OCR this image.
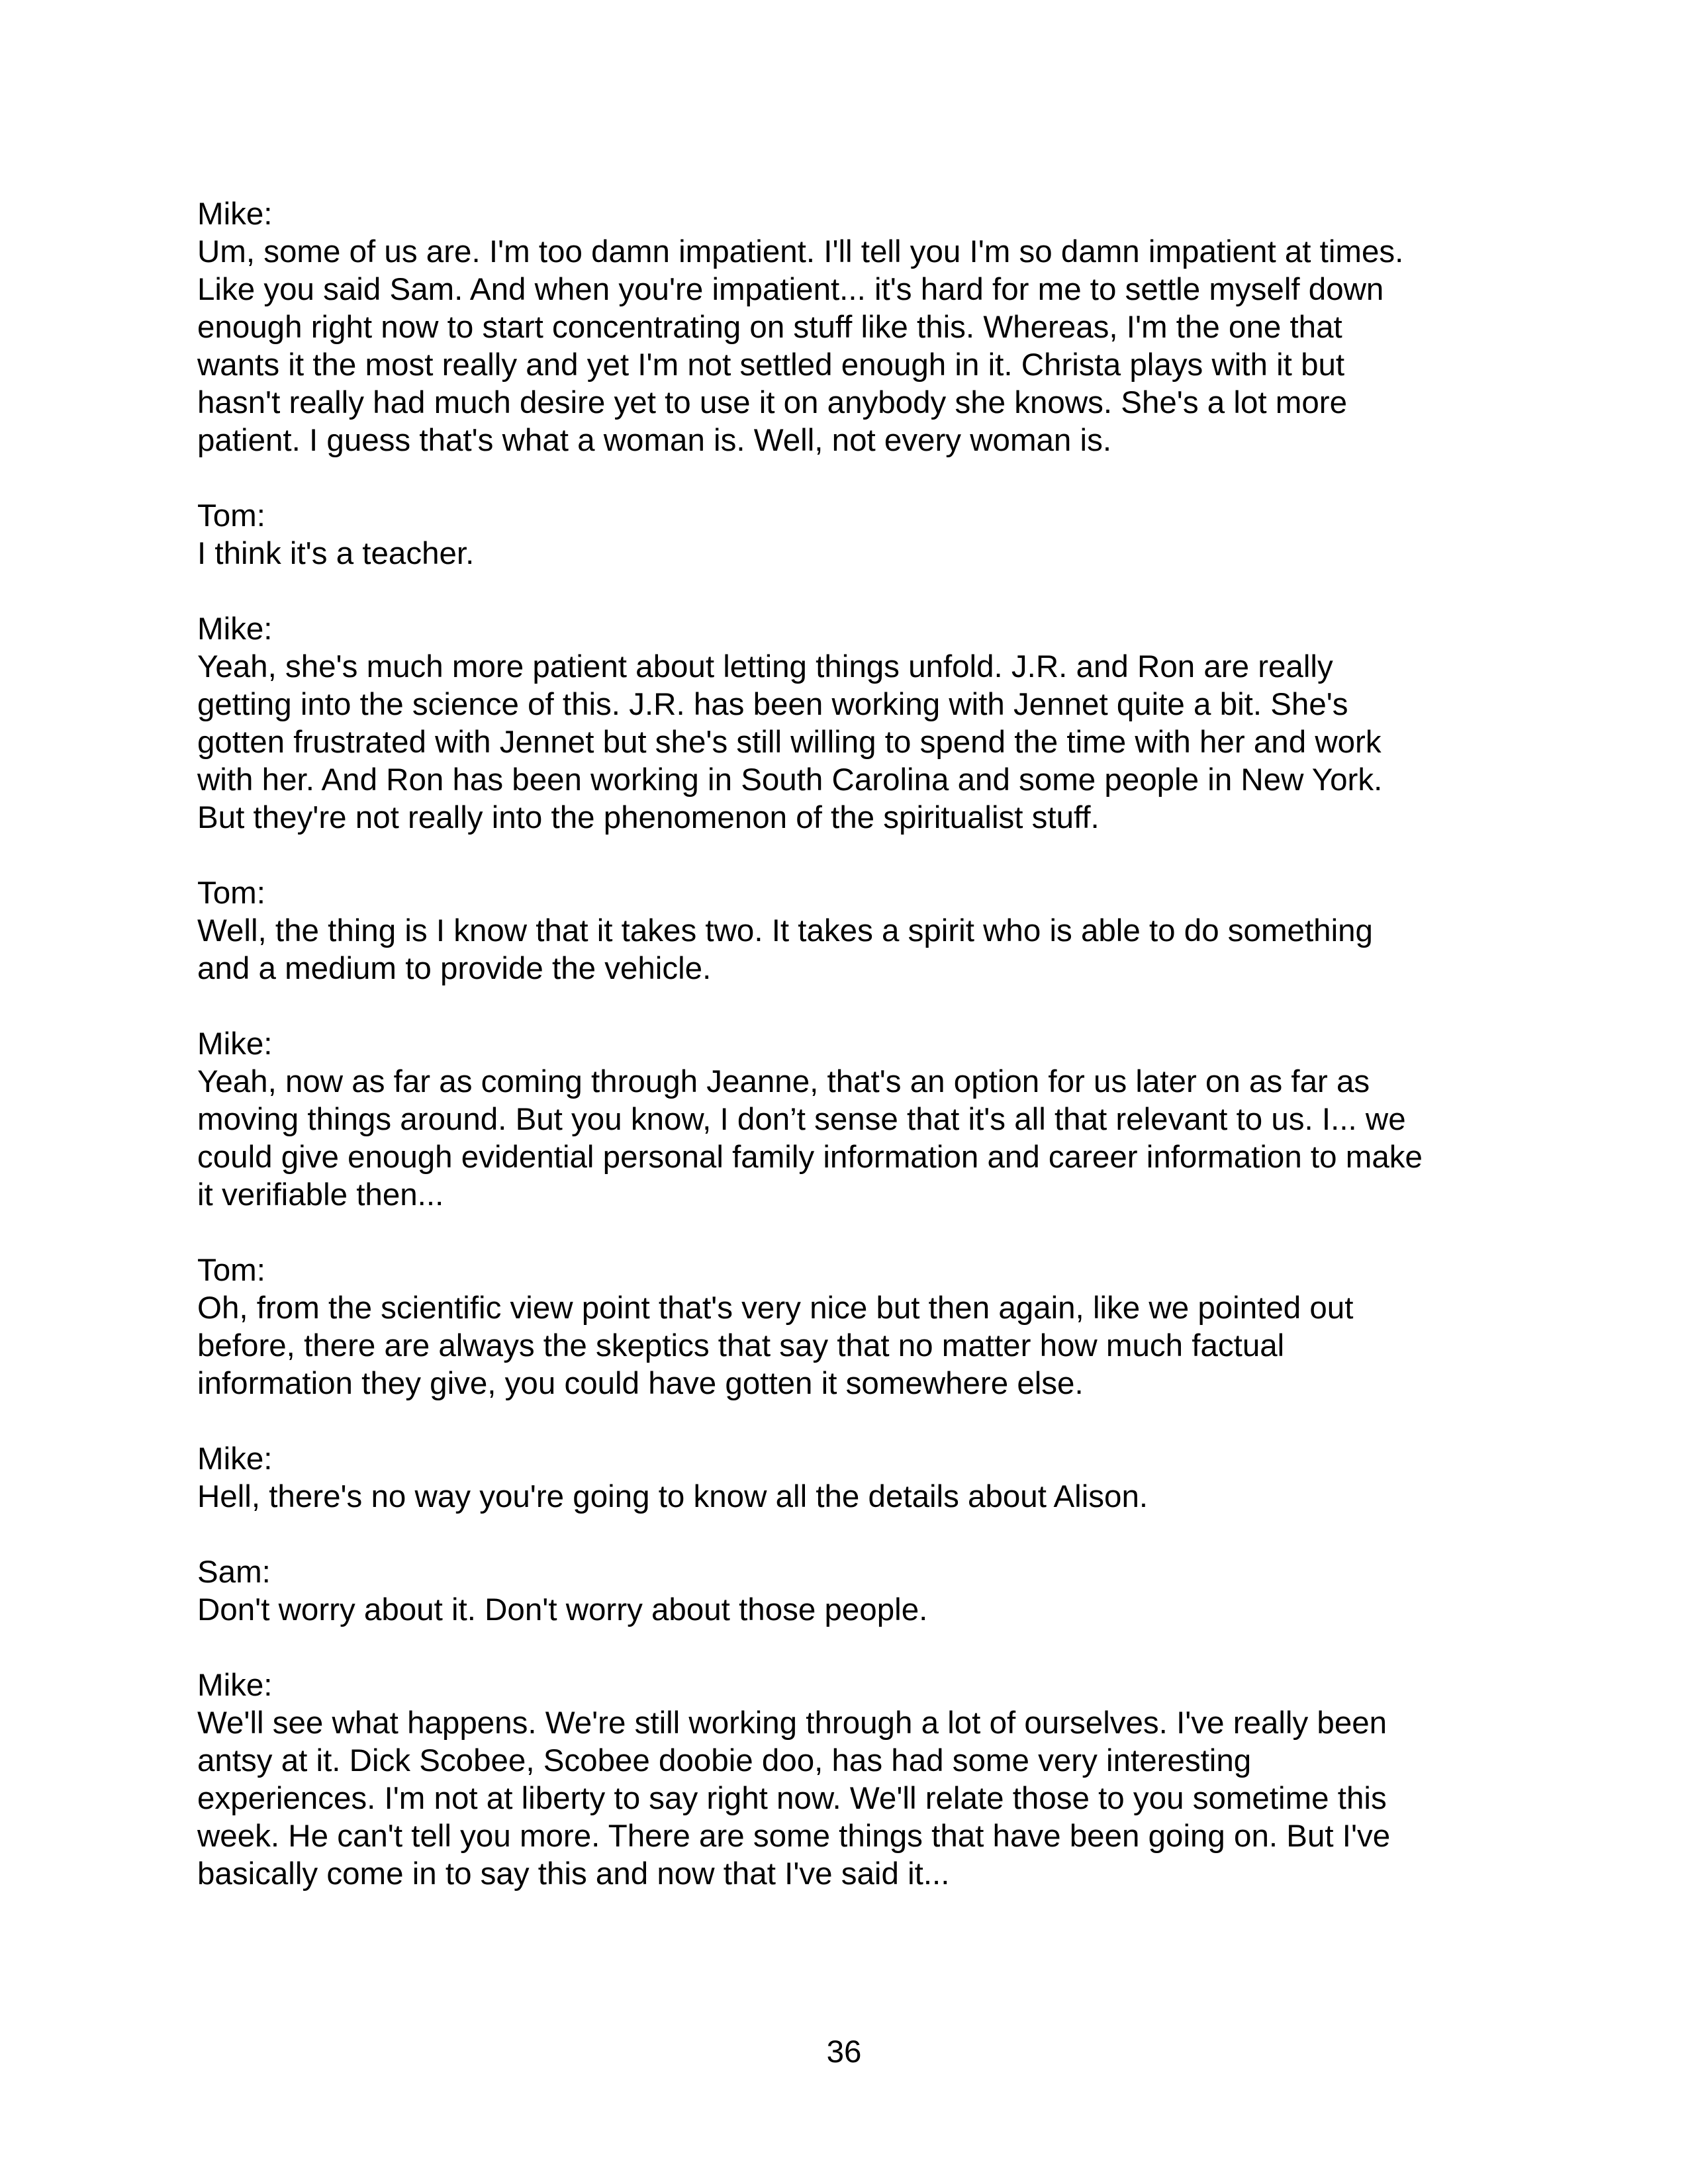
Mike:

Um, some of us are. I'm too damn impatient. I'll tell you I'm so damn impatient at times.
Like you said Sam. And when you're impatient... it's hard for me to settle myself down
enough right now to start concentrating on stuff like this. Whereas, I'm the one that
wants it the most really and yet I'm not settled enough in it. Christa plays with it but
hasn't really had much desire yet to use it on anybody she knows. She's a lot more
patient. I guess that's what a woman is. Well, not every woman is.

Tom:

I think it's a teacher.

Mike:

Yeah, she's much more patient about letting things unfold. J.R. and Ron are really
getting into the science of this. J.R. has been working with Jennet quite a bit. She's
gotten frustrated with Jennet but she's still willing to spend the time with her and work
with her. And Ron has been working in South Carolina and some people in New York.
But they're not really into the phenomenon of the spiritualist stuff.

Tom:

Well, the thing is I know that it takes two. It takes a spirit who is able to do something
and a medium to provide the vehicle.

Mike:

Yeah, now as far as coming through Jeanne, that's an option for us later on as far as
moving things around. But you know, I don’t sense that it's all that relevant to us. I... we
could give enough evidential personal family information and career information to make
it verifiable then...

Tom:

Oh, from the scientific view point that's very nice but then again, like we pointed out
before, there are always the skeptics that say that no matter how much factual
information they give, you could have gotten it somewhere else.

Mike:

Hell, there's no way you're going to know all the details about Alison.

Sam:

Don't worry about it. Don't worry about those people.

Mike:

We'll see what happens. We're still working through a lot of ourselves. I've really been
antsy at it. Dick Scobee, Scobee doobie doo, has had some very interesting
experiences. I'm not at liberty to say right now. We'll relate those to you sometime this
week. He can't tell you more. There are some things that have been going on. But I've
basically come in to say this and now that I've said it...
36
